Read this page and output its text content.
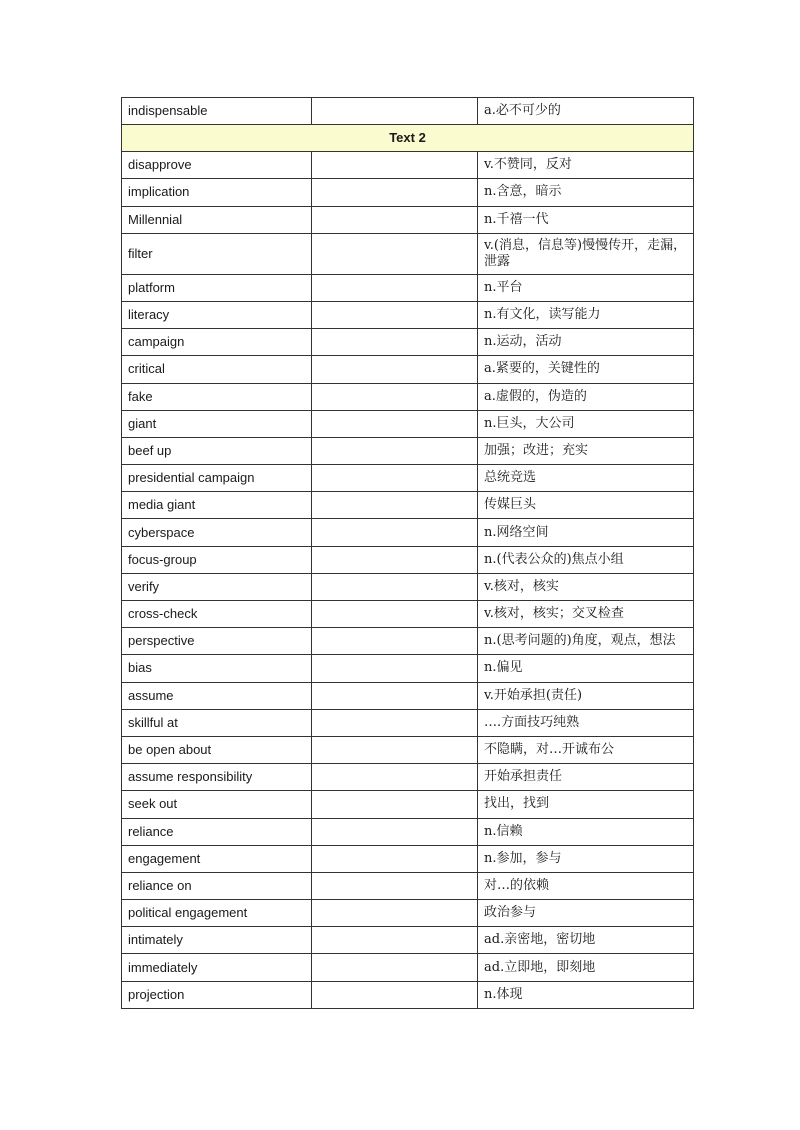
indispensable		a.必不可少的
Text 2		
disapprove		v.不赞同，反对
implication		n.含意，暗示
Millennial		n.千禧一代
filter		v.(消息，信息等)慢慢传开，走漏，泄露
platform		n.平台
literacy		n.有文化，读写能力
campaign		n.运动，活动
critical		a.紧要的，关键性的
fake		a.虚假的，伪造的
giant		n.巨头，大公司
beef up		加强；改进；充实
presidential campaign		总统竞选
media giant		传媒巨头
cyberspace		n.网络空间
focus-group		n.(代表公众的)焦点小组
verify		v.核对，核实
cross-check		v.核对，核实；交叉检查
perspective		n.(思考问题的)角度，观点，想法
bias		n.偏见
assume		v.开始承担(责任)
skillful at		….方面技巧纯熟
be open about		不隐瞒，对…开诚布公
assume responsibility		开始承担责任
seek out		找出，找到
reliance		n.信赖
engagement		n.参加，参与
reliance on		对…的依赖
political engagement		政治参与
intimately		ad.亲密地，密切地
immediately		ad.立即地，即刻地
projection		n.体现
